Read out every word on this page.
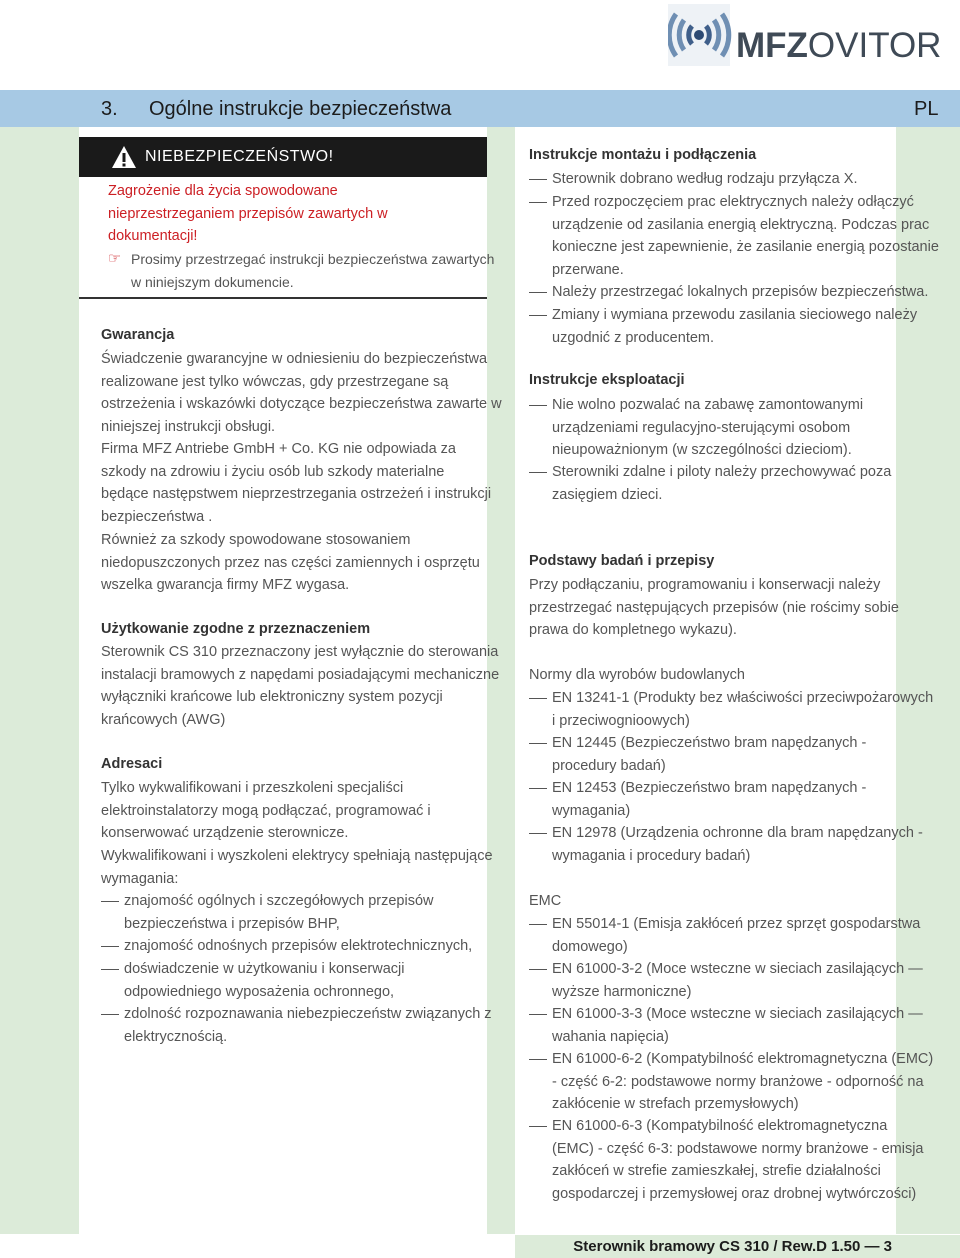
MFZOVITOR
3. Ogólne instrukcje bezpieczeństwa	PL
NIEBEZPIECZEŃSTWO!
Zagrożenie dla życia spowodowane
nieprzestrzeganiem przepisów zawartych w
dokumentacji!
☞ Prosimy przestrzegać instrukcji bezpieczeństwa zawartych
w niniejszym dokumencie.
Gwarancja
Świadczenie gwarancyjne w odniesieniu do bezpieczeństwa
realizowane jest tylko wówczas, gdy przestrzegane są
ostrzeżenia i wskazówki dotyczące bezpieczeństwa zawarte w
niniejszej instrukcji obsługi.
Firma MFZ Antriebe GmbH + Co. KG nie odpowiada za
szkody na zdrowiu i życiu osób lub szkody materialne
będące następstwem nieprzestrzegania ostrzeżeń i instrukcji
bezpieczeństwa .
Również za szkody spowodowane stosowaniem
niedopuszczonych przez nas części zamiennych i osprzętu
wszelka gwarancja firmy MFZ wygasa.
Użytkowanie zgodne z przeznaczeniem
Sterownik CS 310 przeznaczony jest wyłącznie do sterowania
instalacji bramowych z napędami posiadającymi mechaniczne
wyłączniki krańcowe lub elektroniczny system pozycji
krańcowych (AWG)
Adresaci
Tylko wykwalifikowani i przeszkoleni specjaliści
elektroinstalatorzy mogą podłączać, programować i
konserwować urządzenie sterownicze.
Wykwalifikowani i wyszkoleni elektrycy spełniają następujące
wymagania:
znajomość ogólnych i szczegółowych przepisów
bezpieczeństwa i przepisów BHP,
znajomość odnośnych przepisów elektrotechnicznych,
doświadczenie w użytkowaniu i konserwacji
odpowiedniego wyposażenia ochronnego,
zdolność rozpoznawania niebezpieczeństw związanych z
elektrycznością.
Instrukcje montażu i podłączenia
Sterownik dobrano według rodzaju przyłącza X.
Przed rozpoczęciem prac elektrycznych należy odłączyć
urządzenie od zasilania energią elektryczną. Podczas prac
konieczne jest zapewnienie, że zasilanie energią pozostanie
przerwane.
Należy przestrzegać lokalnych przepisów bezpieczeństwa.
Zmiany i wymiana przewodu zasilania sieciowego należy
uzgodnić z producentem.
Instrukcje eksploatacji
Nie wolno pozwalać na zabawę zamontowanymi
urządzeniami regulacyjno-sterującymi osobom
nieupoważnionym (w szczególności dzieciom).
Sterowniki zdalne i piloty należy przechowywać poza
zasięgiem dzieci.
Podstawy badań i przepisy
Przy podłączaniu, programowaniu i konserwacji należy
przestrzegać następujących przepisów (nie rościmy sobie
prawa do kompletnego wykazu).
Normy dla wyrobów budowlanych
EN 13241-1 (Produkty bez właściwości przeciwpożarowych
i przeciwognioowych)
EN 12445 (Bezpieczeństwo bram napędzanych -
procedury badań)
EN 12453 (Bezpieczeństwo bram napędzanych -
wymagania)
EN 12978 (Urządzenia ochronne dla bram napędzanych -
wymagania i procedury badań)
EMC
EN 55014-1 (Emisja zakłóceń przez sprzęt gospodarstwa
domowego)
EN 61000-3-2 (Moce wsteczne w sieciach zasilających —
wyższe harmoniczne)
EN 61000-3-3 (Moce wsteczne w sieciach zasilających —
wahania napięcia)
EN 61000-6-2 (Kompatybilność elektromagnetyczna (EMC)
- część 6-2: podstawowe normy branżowe - odporność na
zakłócenie w strefach przemysłowych)
EN 61000-6-3 (Kompatybilność elektromagnetyczna
(EMC) - część 6-3: podstawowe normy branżowe - emisja
zakłóceń w strefie zamieszkałej, strefie działalności
gospodarczej i przemysłowej oraz drobnej wytwórczości)
Sterownik bramowy CS 310 / Rew.D 1.50 — 3
